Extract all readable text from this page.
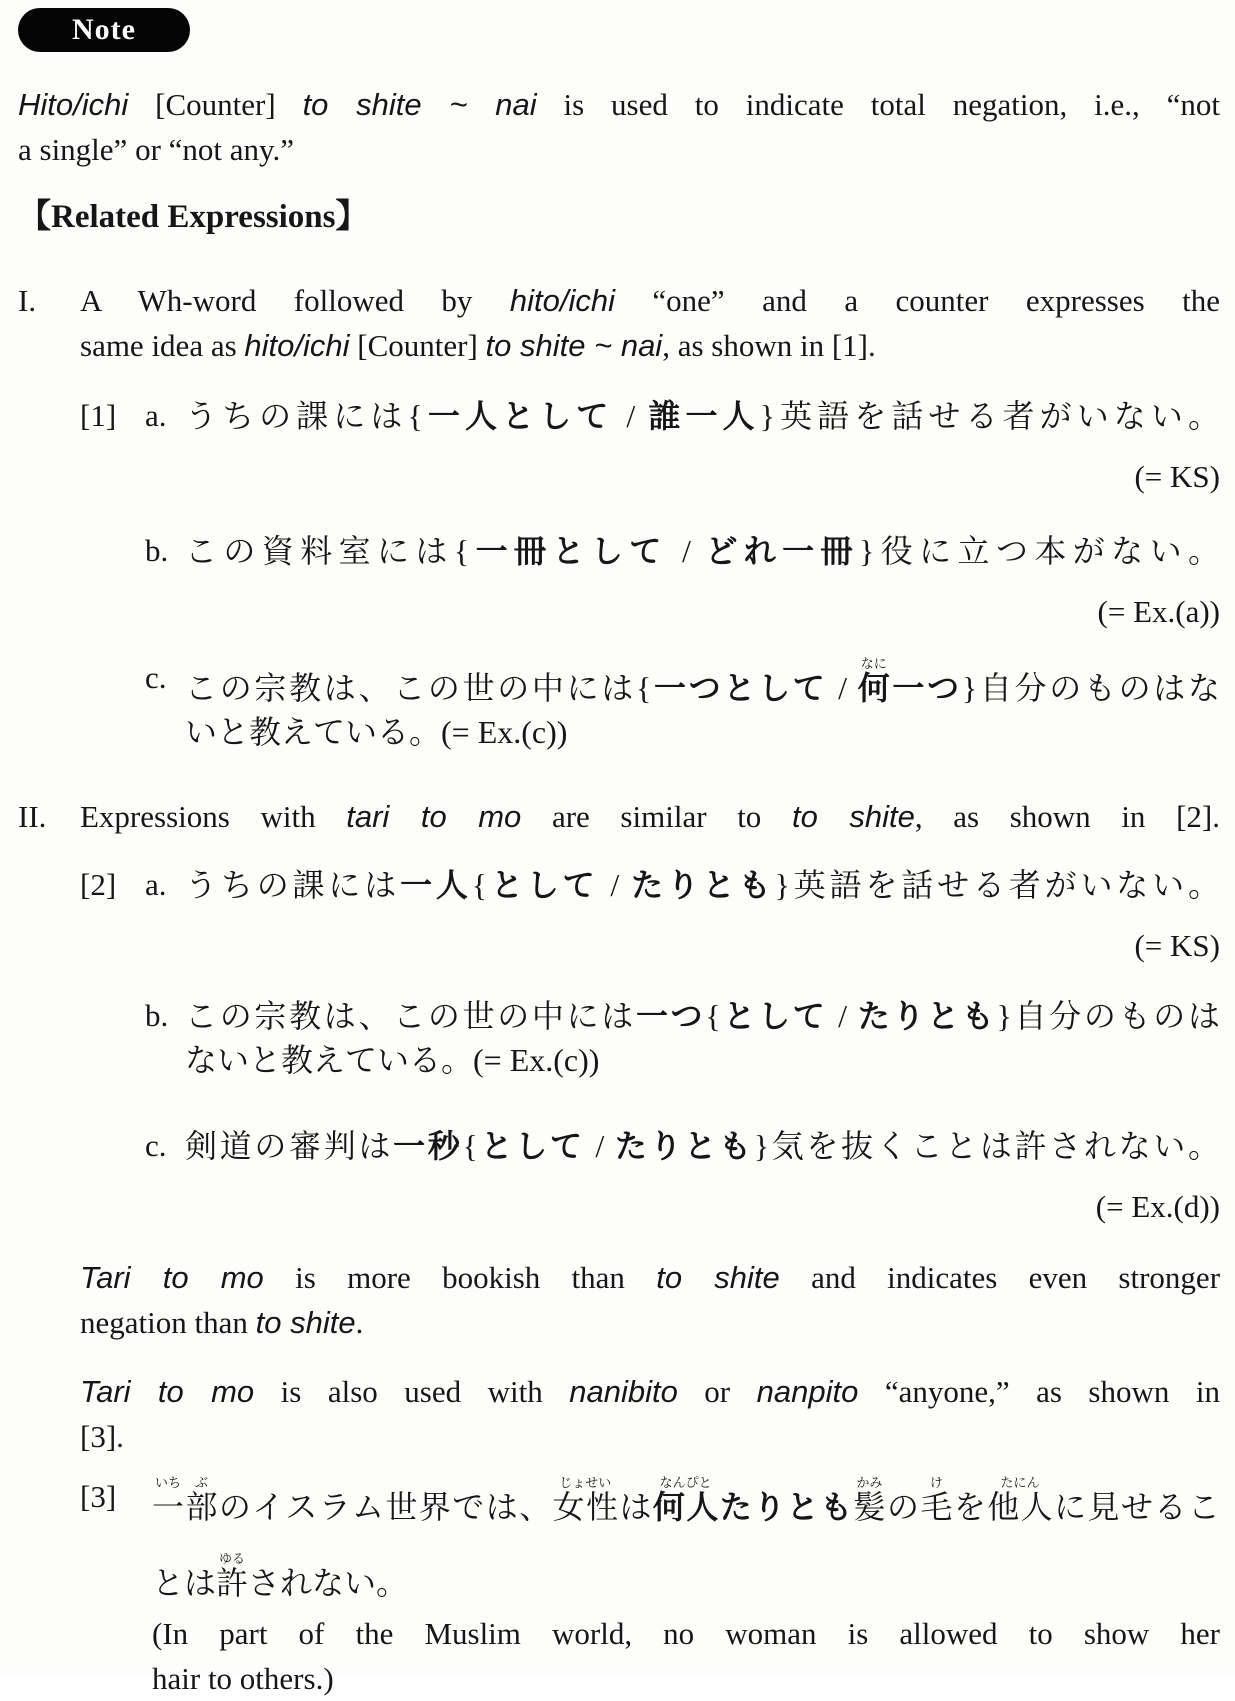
Note
Hito/ichi [Counter] to shite ~ nai is used to indicate total negation, i.e., “not
a single” or “not any.”
【Related Expressions】
I. A Wh-word followed by hito/ichi “one” and a counter expresses the
same idea as hito/ichi [Counter] to shite ~ nai, as shown in [1].
[1] a. うちの課には{一人として / 誰一人}英語を話せる者がいない。
(= KS)
b. この資料室には{一冊として / どれ一冊}役に立つ本がない。
(= Ex.(a))
c. この宗教は、この世の中には{一つとして / 何なに一つ}自分のものはな
いと教えている。(= Ex.(c))
II. Expressions with tari to mo are similar to to shite, as shown in [2].
[2] a. うちの課には一人{として / たりとも}英語を話せる者がいない。
(= KS)
b. この宗教は、この世の中には一つ{として / たりとも}自分のものは
ないと教えている。(= Ex.(c))
c. 剣道の審判は一秒{として / たりとも}気を抜くことは許されない。
(= Ex.(d))
Tari to mo is more bookish than to shite and indicates even stronger
negation than to shite.
Tari to mo is also used with nanibito or nanpito “anyone,” as shown in
[3].
[3] 一いち部ぶのイスラム世界では、女性じょせいは何人なんぴとたりとも髪かみの毛けを他人たにんに見せるこ
とは許ゆるされない。
(In part of the Muslim world, no woman is allowed to show her
hair to others.)
